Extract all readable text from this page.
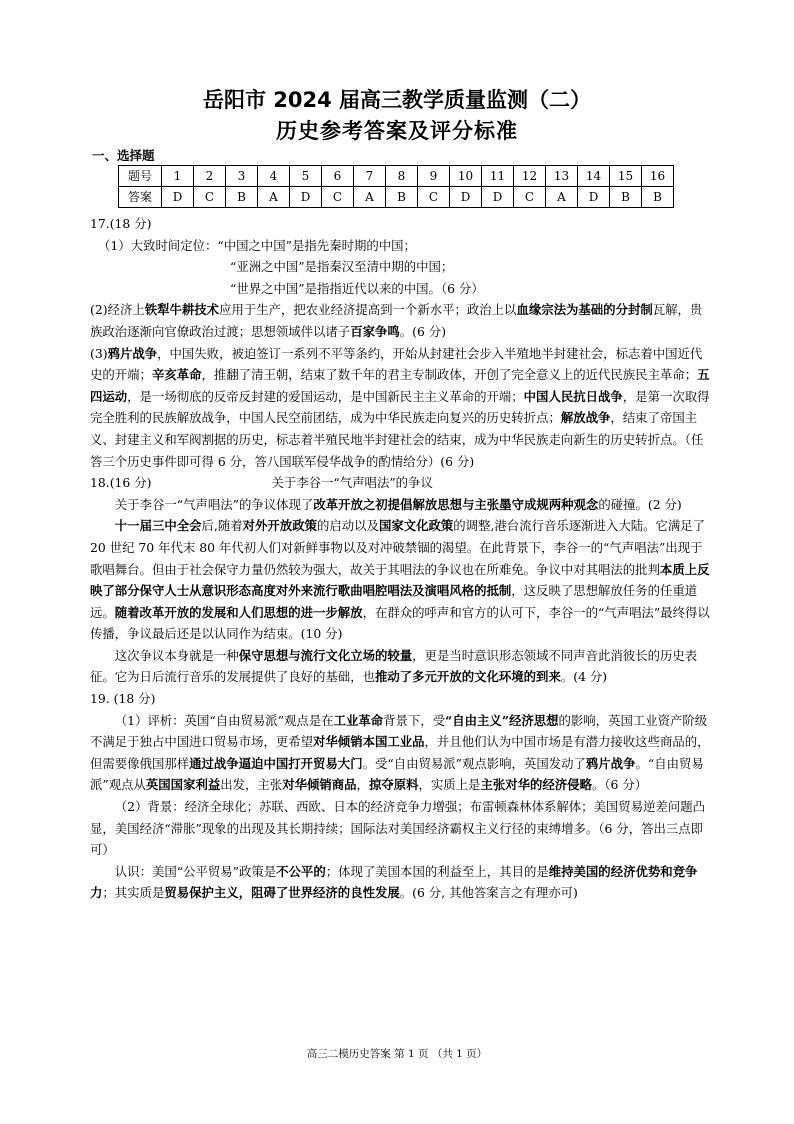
岳阳市 2024 届高三教学质量监测（二）
历史参考答案及评分标准
一、选择题
题号	1	2	3	4	5	6	7	8	9	10	11	12	13	14	15	16
答案	D	C	B	A	D	C	A	B	C	D	D	C	A	D	B	B

17.(18 分)

（1）大致时间定位：“中国之中国”是指先秦时期的中国；

“亚洲之中国”是指秦汉至清中期的中国；

“世界之中国”是指指近代以来的中国。（6 分）

(2)经济上铁犁牛耕技术应用于生产，把农业经济提高到一个新水平；政治上以血缘宗法为基础的分封制瓦解，贵族政治逐渐向官僚政治过渡；思想领域伴以诸子百家争鸣。(6 分)

(3)鸦片战争，中国失败，被迫签订一系列不平等条约，开始从封建社会步入半殖地半封建社会，标志着中国近代史的开端；辛亥革命，推翻了清王朝，结束了数千年的君主专制政体，开创了完全意义上的近代民族民主革命；五四运动，是一场彻底的反帝反封建的爱国运动，是中国新民主主义革命的开端；中国人民抗日战争，是第一次取得完全胜利的民族解放战争，中国人民空前团结，成为中华民族走向复兴的历史转折点；解放战争，结束了帝国主义、封建主义和军阀割据的历史，标志着半殖民地半封建社会的结束，成为中华民族走向新生的历史转折点。（任答三个历史事件即可得 6 分，答八国联军侵华战争的酌情给分）(6 分)

18.(16 分)	关于李谷一“气声唱法”的争议

关于李谷一“气声唱法”的争议体现了改革开放之初提倡解放思想与主张墨守成规两种观念的碰撞。(2 分)

十一届三中全会后,随着对外开放政策的启动以及国家文化政策的调整,港台流行音乐逐渐进入大陆。它满足了 20 世纪 70 年代末 80 年代初人们对新鲜事物以及对冲破禁锢的渴望。在此背景下，李谷一的“气声唱法”出现于歌唱舞台。但由于社会保守力量仍然较为强大，故关于其唱法的争议也在所难免。争议中对其唱法的批判本质上反映了部分保守人士从意识形态高度对外来流行歌曲唱腔唱法及演唱风格的抵制，这反映了思想解放任务的任重道远。随着改革开放的发展和人们思想的进一步解放，在群众的呼声和官方的认可下，李谷一的“气声唱法”最终得以传播，争议最后还是以认同作为结束。(10 分)

这次争议本身就是一种保守思想与流行文化立场的较量，更是当时意识形态领域不同声音此消彼长的历史表征。它为日后流行音乐的发展提供了良好的基础，也推动了多元开放的文化环境的到来。(4 分)

19. (18 分)

（1）评析：英国“自由贸易派”观点是在工业革命背景下，受“自由主义”经济思想的影响，英国工业资产阶级不满足于独占中国进口贸易市场，更希望对华倾销本国工业品，并且他们认为中国市场是有潜力接收这些商品的，但需要像俄国那样通过战争逼迫中国打开贸易大门。受“自由贸易派”观点影响，英国发动了鸦片战争。“自由贸易派”观点从英国国家利益出发，主张对华倾销商品，掠夺原料，实质上是主张对华的经济侵略。（6 分）

（2）背景：经济全球化；苏联、西欧、日本的经济竞争力增强；布雷顿森林体系解体；美国贸易逆差问题凸显，美国经济“滞胀”现象的出现及其长期持续；国际法对美国经济霸权主义行径的束缚增多。（6 分，答出三点即可）

认识：美国“公平贸易”政策是不公平的；体现了美国本国的利益至上，其目的是维持美国的经济优势和竞争力；其实质是贸易保护主义，阻碍了世界经济的良性发展。(6 分, 其他答案言之有理亦可)

高三二模历史答案 第 1 页 （共 1 页）
